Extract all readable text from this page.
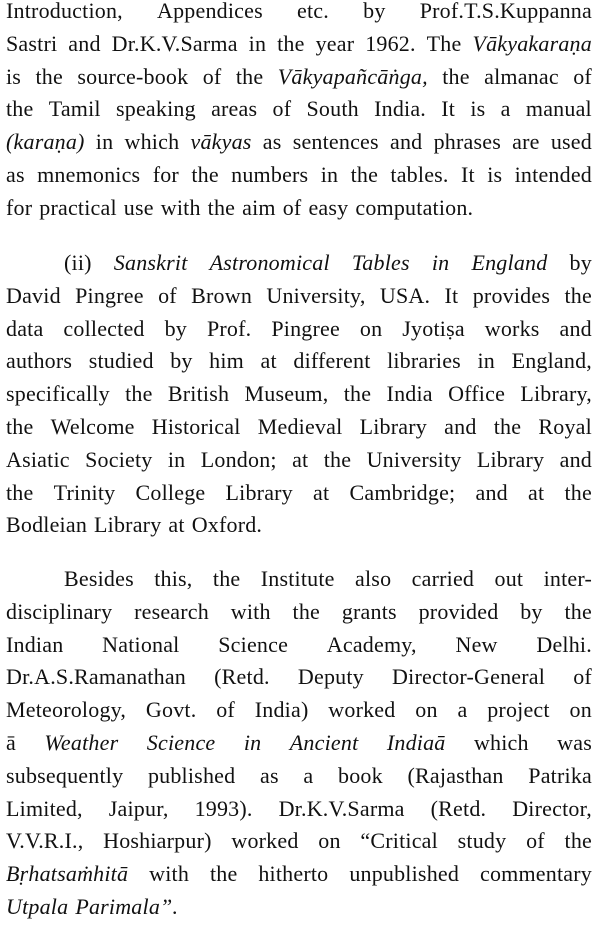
Introduction, Appendices etc. by Prof.T.S.Kuppanna
Sastri and Dr.K.V.Sarma in the year 1962. The Vākyakaraṇa
is the source-book of the Vākyapañcāṅga, the almanac of
the Tamil speaking areas of South India. It is a manual
(karaṇa) in which vākyas as sentences and phrases are used
as mnemonics for the numbers in the tables. It is intended
for practical use with the aim of easy computation.
(ii) Sanskrit Astronomical Tables in England by
David Pingree of Brown University, USA. It provides the
data collected by Prof. Pingree on Jyotiṣa works and
authors studied by him at different libraries in England,
specifically the British Museum, the India Office Library,
the Welcome Historical Medieval Library and the Royal
Asiatic Society in London; at the University Library and
the Trinity College Library at Cambridge; and at the
Bodleian Library at Oxford.
Besides this, the Institute also carried out inter-
disciplinary research with the grants provided by the
Indian National Science Academy, New Delhi.
Dr.A.S.Ramanathan (Retd. Deputy Director-General of
Meteorology, Govt. of India) worked on a project on
ā Weather Science in Ancient Indiaā which was
subsequently published as a book (Rajasthan Patrika
Limited, Jaipur, 1993). Dr.K.V.Sarma (Retd. Director,
V.V.R.I., Hoshiarpur) worked on “Critical study of the
Bṛhatsaṁhitā with the hitherto unpublished commentary
Utpala Parimala”.
